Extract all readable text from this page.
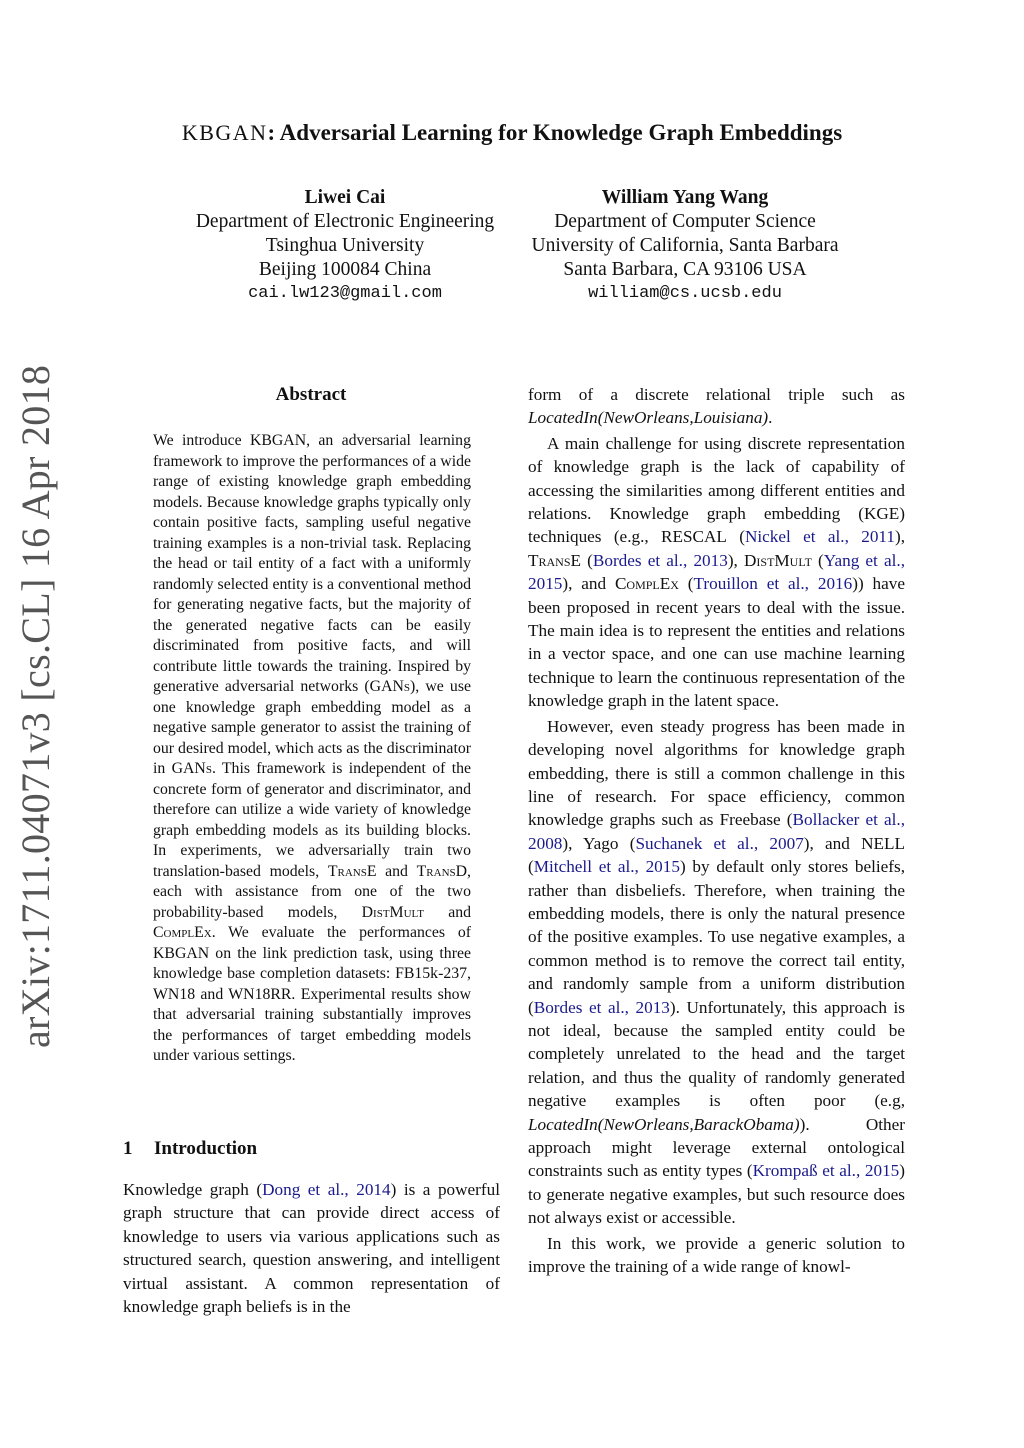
arXiv:1711.04071v3 [cs.CL] 16 Apr 2018
KBGAN: Adversarial Learning for Knowledge Graph Embeddings
Liwei Cai
Department of Electronic Engineering
Tsinghua University
Beijing 100084 China
cai.lw123@gmail.com
William Yang Wang
Department of Computer Science
University of California, Santa Barbara
Santa Barbara, CA 93106 USA
william@cs.ucsb.edu
Abstract

We introduce KBGAN, an adversarial learning framework to improve the performances of a wide range of existing knowledge graph embedding models. Because knowledge graphs typically only contain positive facts, sampling useful negative training examples is a non-trivial task. Replacing the head or tail entity of a fact with a uniformly randomly selected entity is a conventional method for generating negative facts, but the majority of the generated negative facts can be easily discriminated from positive facts, and will contribute little towards the training. Inspired by generative adversarial networks (GANs), we use one knowledge graph embedding model as a negative sample generator to assist the training of our desired model, which acts as the discriminator in GANs. This framework is independent of the concrete form of generator and discriminator, and therefore can utilize a wide variety of knowledge graph embedding models as its building blocks. In experiments, we adversarially train two translation-based models, TransE and TransD, each with assistance from one of the two probability-based models, DistMult and ComplEx. We evaluate the performances of KBGAN on the link prediction task, using three knowledge base completion datasets: FB15k-237, WN18 and WN18RR. Experimental results show that adversarial training substantially improves the performances of target embedding models under various settings.

1 Introduction

Knowledge graph (Dong et al., 2014) is a powerful graph structure that can provide direct access of knowledge to users via various applications such as structured search, question answering, and intelligent virtual assistant. A common representation of knowledge graph beliefs is in the

form of a discrete relational triple such as LocatedIn(NewOrleans,Louisiana).

A main challenge for using discrete representation of knowledge graph is the lack of capability of accessing the similarities among different entities and relations. Knowledge graph embedding (KGE) techniques (e.g., RESCAL (Nickel et al., 2011), TransE (Bordes et al., 2013), DistMult (Yang et al., 2015), and ComplEx (Trouillon et al., 2016)) have been proposed in recent years to deal with the issue. The main idea is to represent the entities and relations in a vector space, and one can use machine learning technique to learn the continuous representation of the knowledge graph in the latent space.

However, even steady progress has been made in developing novel algorithms for knowledge graph embedding, there is still a common challenge in this line of research. For space efficiency, common knowledge graphs such as Freebase (Bollacker et al., 2008), Yago (Suchanek et al., 2007), and NELL (Mitchell et al., 2015) by default only stores beliefs, rather than disbeliefs. Therefore, when training the embedding models, there is only the natural presence of the positive examples. To use negative examples, a common method is to remove the correct tail entity, and randomly sample from a uniform distribution (Bordes et al., 2013). Unfortunately, this approach is not ideal, because the sampled entity could be completely unrelated to the head and the target relation, and thus the quality of randomly generated negative examples is often poor (e.g, LocatedIn(NewOrleans,BarackObama)). Other approach might leverage external ontological constraints such as entity types (Krompaß et al., 2015) to generate negative examples, but such resource does not always exist or accessible.

In this work, we provide a generic solution to improve the training of a wide range of knowl-
